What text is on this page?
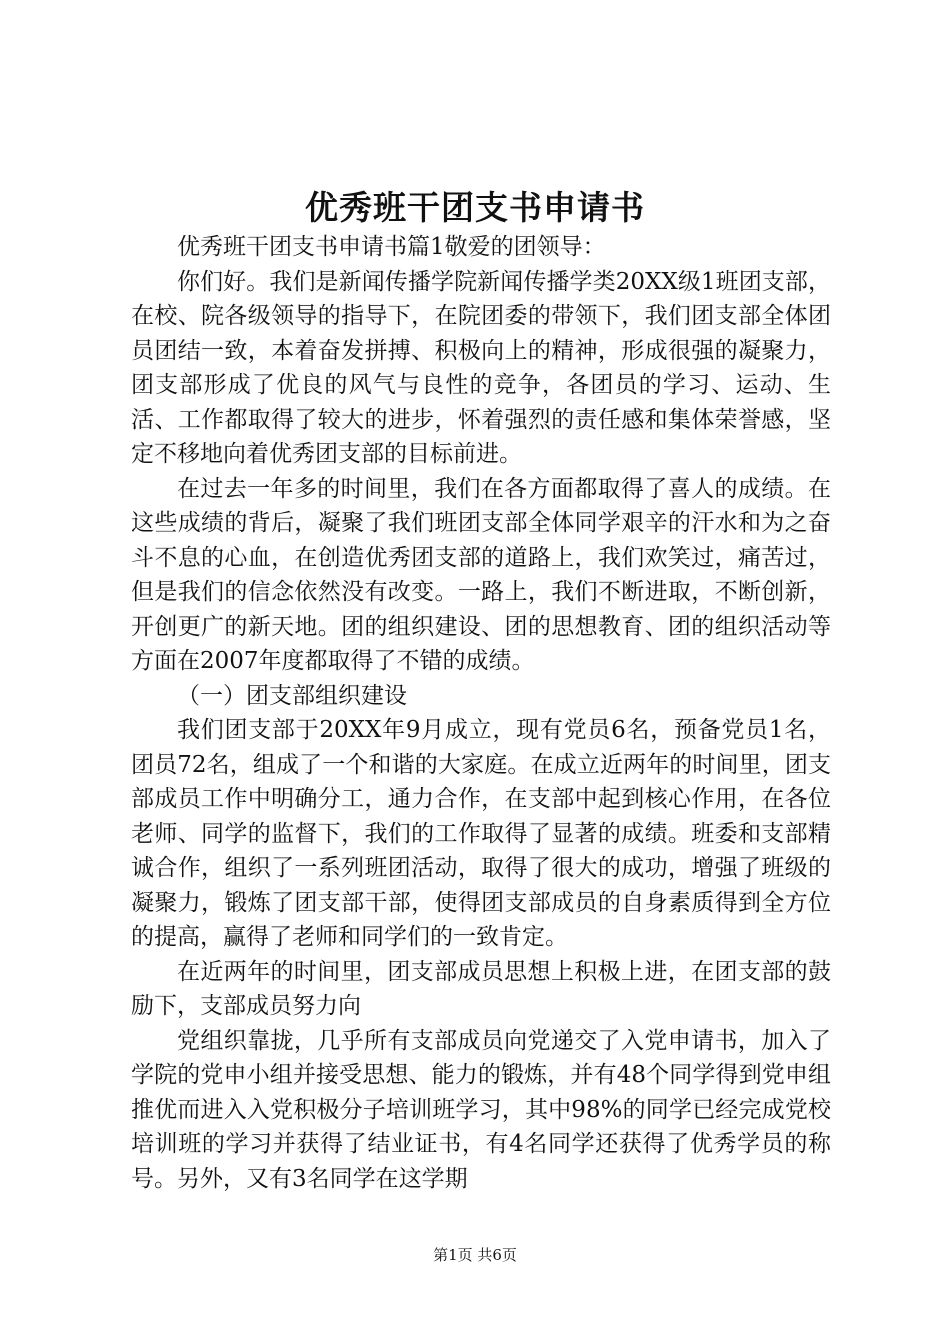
优秀班干团支书申请书

优秀班干团支书申请书篇1敬爱的团领导：

你们好。我们是新闻传播学院新闻传播学类20XX级1班团支部，在校、院各级领导的指导下，在院团委的带领下，我们团支部全体团员团结一致，本着奋发拼搏、积极向上的精神，形成很强的凝聚力，团支部形成了优良的风气与良性的竞争，各团员的学习、运动、生活、工作都取得了较大的进步，怀着强烈的责任感和集体荣誉感，坚定不移地向着优秀团支部的目标前进。

在过去一年多的时间里，我们在各方面都取得了喜人的成绩。在这些成绩的背后，凝聚了我们班团支部全体同学艰辛的汗水和为之奋斗不息的心血，在创造优秀团支部的道路上，我们欢笑过，痛苦过，但是我们的信念依然没有改变。一路上，我们不断进取，不断创新，开创更广的新天地。团的组织建设、团的思想教育、团的组织活动等方面在2007年度都取得了不错的成绩。

（一）团支部组织建设

我们团支部于20XX年9月成立，现有党员6名，预备党员1名，团员72名，组成了一个和谐的大家庭。在成立近两年的时间里，团支部成员工作中明确分工，通力合作，在支部中起到核心作用，在各位老师、同学的监督下，我们的工作取得了显著的成绩。班委和支部精诚合作，组织了一系列班团活动，取得了很大的成功，增强了班级的凝聚力，锻炼了团支部干部，使得团支部成员的自身素质得到全方位的提高，赢得了老师和同学们的一致肯定。

在近两年的时间里，团支部成员思想上积极上进，在团支部的鼓励下，支部成员努力向

党组织靠拢，几乎所有支部成员向党递交了入党申请书，加入了学院的党申小组并接受思想、能力的锻炼，并有48个同学得到党申组推优而进入入党积极分子培训班学习，其中98%的同学已经完成党校培训班的学习并获得了结业证书，有4名同学还获得了优秀学员的称号。另外，又有3名同学在这学期

第1页 共6页
